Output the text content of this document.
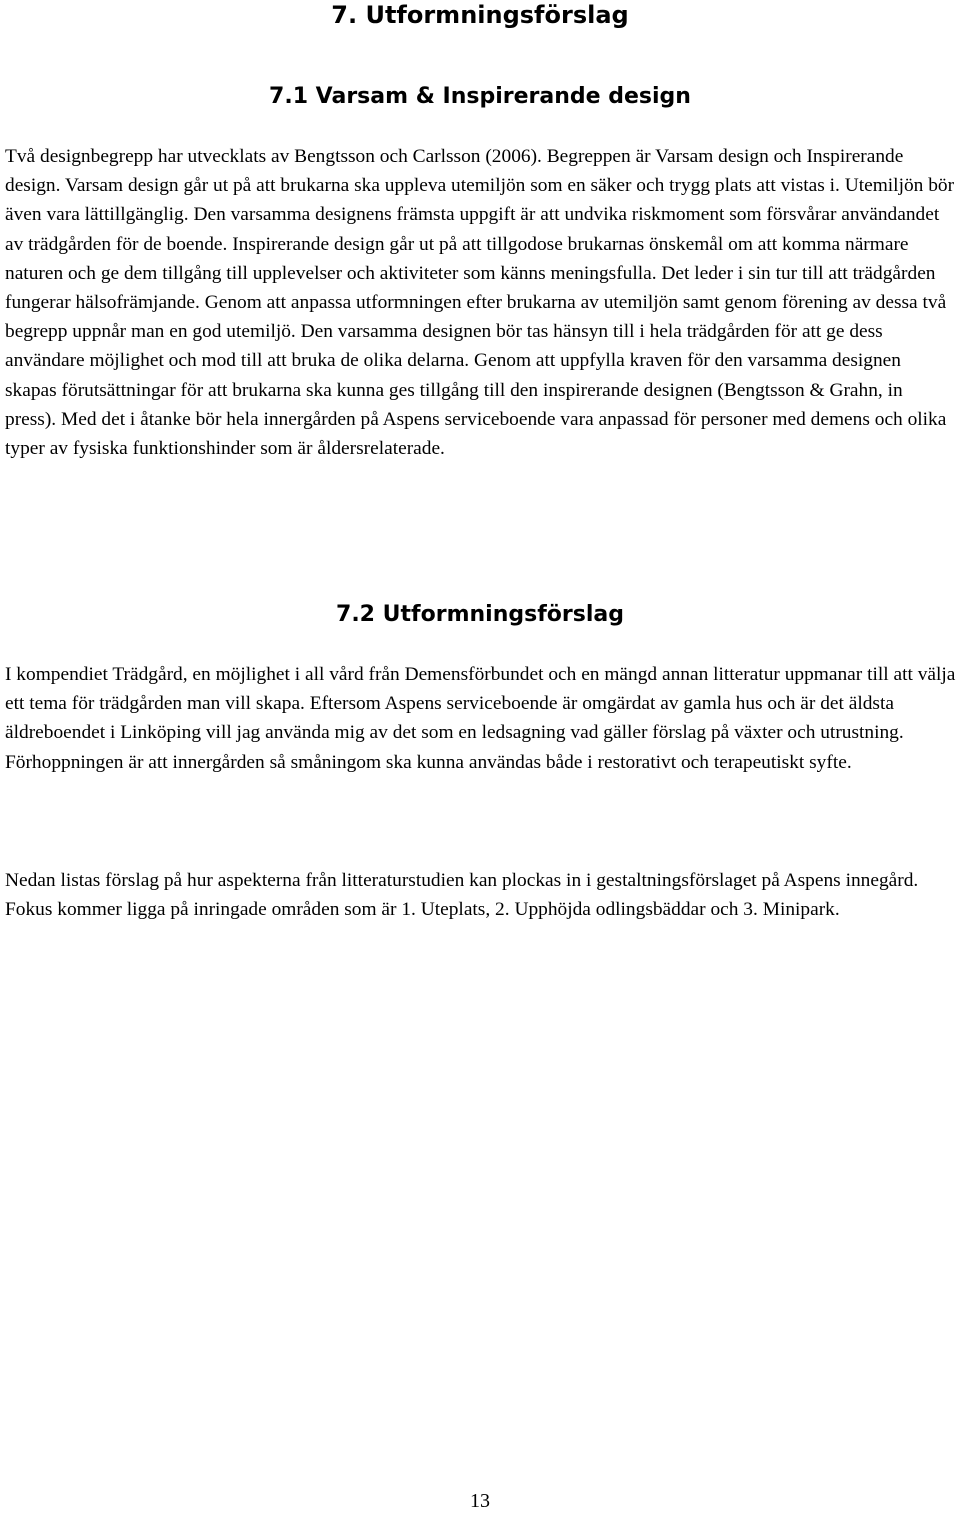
7. Utformningsförslag
7.1 Varsam & Inspirerande design

Två designbegrepp har utvecklats av Bengtsson och Carlsson (2006). Begreppen är Varsam design och Inspirerande design. Varsam design går ut på att brukarna ska uppleva utemiljön som en säker och trygg plats att vistas i. Utemiljön bör även vara lättillgänglig. Den varsamma designens främsta uppgift är att undvika riskmoment som försvårar användandet av trädgården för de boende. Inspirerande design går ut på att tillgodose brukarnas önskemål om att komma närmare naturen och ge dem tillgång till upplevelser och aktiviteter som känns meningsfulla. Det leder i sin tur till att trädgården fungerar hälsofrämjande. Genom att anpassa utformningen efter brukarna av utemiljön samt genom förening av dessa två begrepp uppnår man en god utemiljö. Den varsamma designen bör tas hänsyn till i hela trädgården för att ge dess användare möjlighet och mod till att bruka de olika delarna. Genom att uppfylla kraven för den varsamma designen skapas förutsättningar för att brukarna ska kunna ges tillgång till den inspirerande designen (Bengtsson & Grahn, in press). Med det i åtanke bör hela innergården på Aspens serviceboende vara anpassad för personer med demens och olika typer av fysiska funktionshinder som är åldersrelaterade.

7.2 Utformningsförslag

I kompendiet Trädgård, en möjlighet i all vård från Demensförbundet och en mängd annan litteratur uppmanar till att välja ett tema för trädgården man vill skapa. Eftersom Aspens serviceboende är omgärdat av gamla hus och är det äldsta äldreboendet i Linköping vill jag använda mig av det som en ledsagning vad gäller förslag på växter och utrustning. Förhoppningen är att innergården så småningom ska kunna användas både i restorativt och terapeutiskt syfte.

Nedan listas förslag på hur aspekterna från litteraturstudien kan plockas in i gestaltningsförslaget på Aspens innegård. Fokus kommer ligga på inringade områden som är 1. Uteplats, 2. Upphöjda odlingsbäddar och 3. Minipark.

13
